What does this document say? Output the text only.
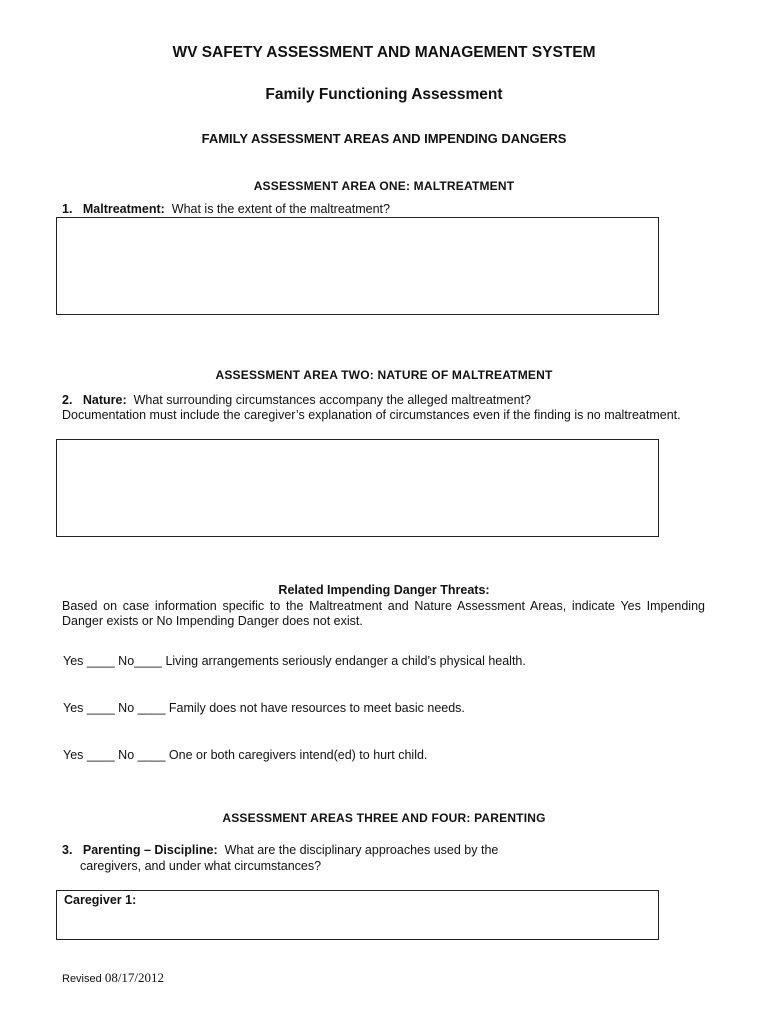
WV SAFETY ASSESSMENT AND MANAGEMENT SYSTEM
Family Functioning Assessment
FAMILY ASSESSMENT AREAS AND IMPENDING DANGERS
ASSESSMENT AREA ONE: MALTREATMENT
1. Maltreatment: What is the extent of the maltreatment?
ASSESSMENT AREA TWO: NATURE OF MALTREATMENT
2. Nature: What surrounding circumstances accompany the alleged maltreatment?
Documentation must include the caregiver’s explanation of circumstances even if the finding is no maltreatment.
Related Impending Danger Threats:
Based on case information specific to the Maltreatment and Nature Assessment Areas, indicate Yes Impending Danger exists or No Impending Danger does not exist.
Yes ____ No____ Living arrangements seriously endanger a child’s physical health.
Yes ____ No ____ Family does not have resources to meet basic needs.
Yes ____ No ____ One or both caregivers intend(ed) to hurt child.
ASSESSMENT AREAS THREE AND FOUR: PARENTING
3. Parenting – Discipline: What are the disciplinary approaches used by the
caregivers, and under what circumstances?
Caregiver 1:
Revised 08/17/2012
